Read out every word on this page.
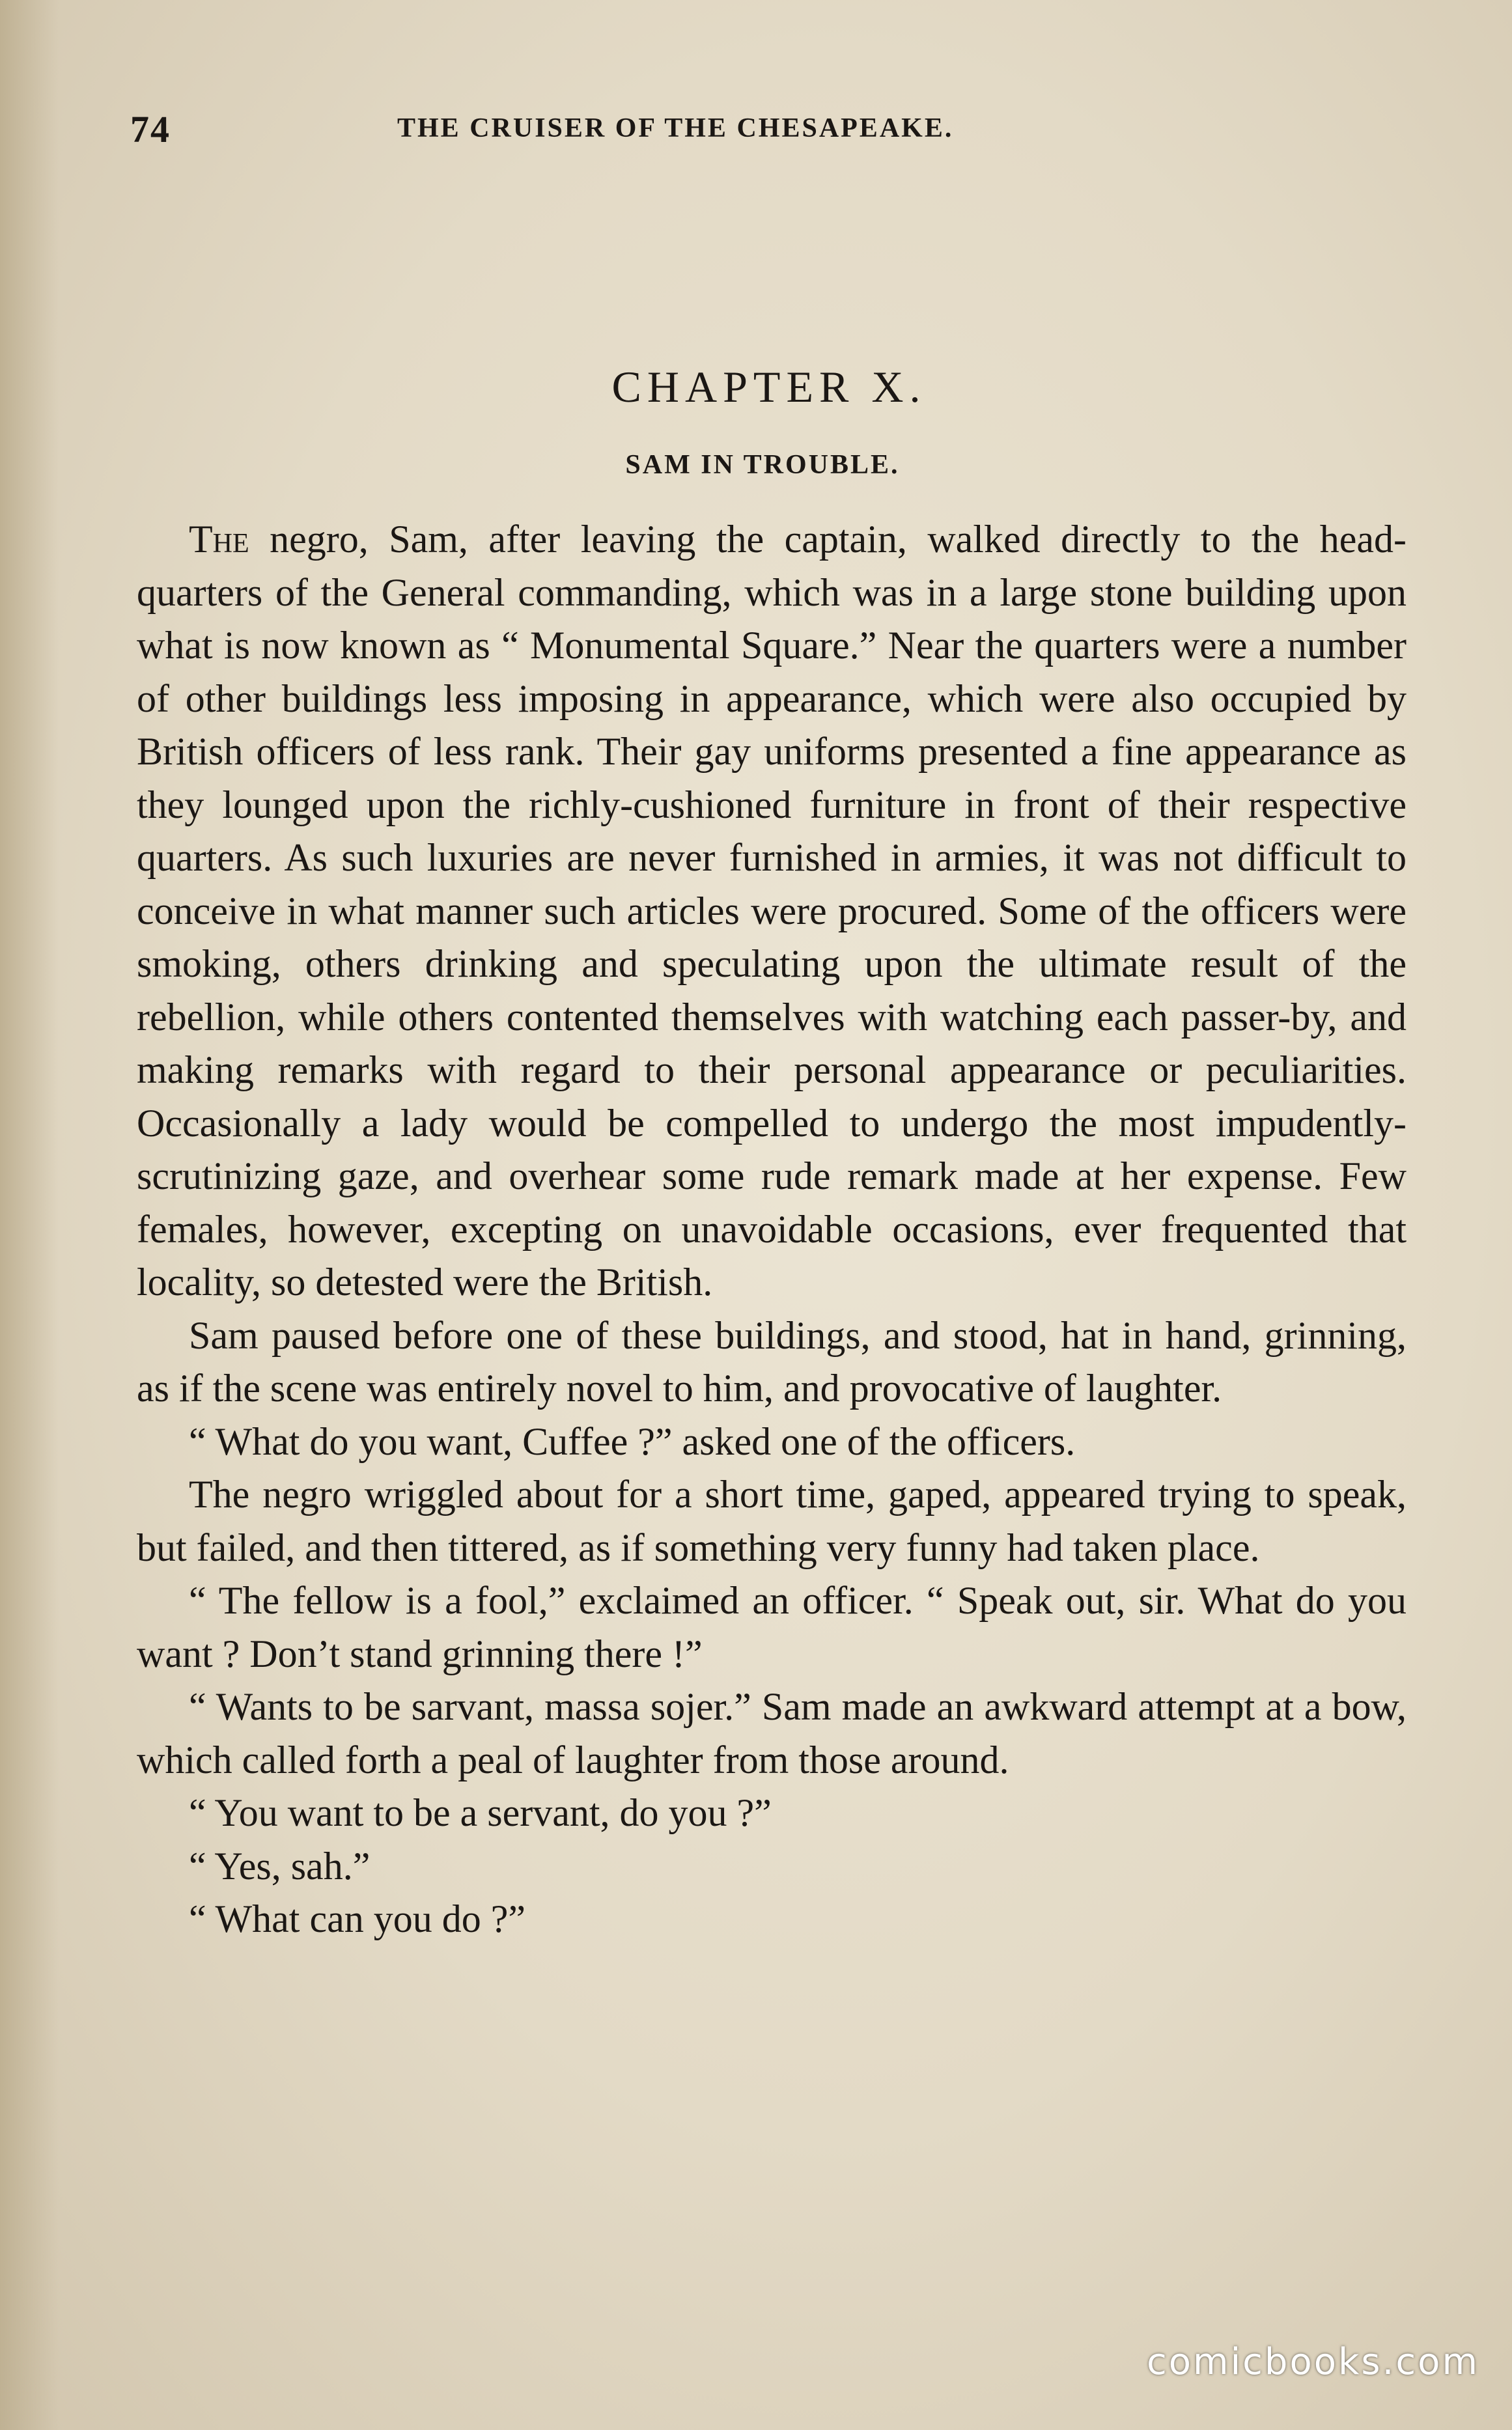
74	THE CRUISER OF THE CHESAPEAKE.
CHAPTER X.
SAM IN TROUBLE.

The negro, Sam, after leaving the captain, walked directly to the head-quarters of the General commanding, which was in a large stone building upon what is now known as “ Monumental Square.” Near the quarters were a number of other buildings less imposing in appearance, which were also occupied by British officers of less rank. Their gay uniforms presented a fine appearance as they lounged upon the richly-cushioned furniture in front of their respective quarters. As such luxuries are never furnished in armies, it was not difficult to conceive in what manner such articles were procured. Some of the officers were smoking, others drinking and speculating upon the ultimate result of the rebellion, while others contented themselves with watching each passer-by, and making remarks with regard to their personal appearance or peculiarities. Occasionally a lady would be compelled to undergo the most impudently-scrutinizing gaze, and overhear some rude remark made at her expense. Few females, however, excepting on unavoidable occasions, ever frequented that locality, so detested were the British.

Sam paused before one of these buildings, and stood, hat in hand, grinning, as if the scene was entirely novel to him, and provocative of laughter.

“ What do you want, Cuffee ?” asked one of the officers.

The negro wriggled about for a short time, gaped, appeared trying to speak, but failed, and then tittered, as if something very funny had taken place.

“ The fellow is a fool,” exclaimed an officer. “ Speak out, sir. What do you want ? Don’t stand grinning there !”

“ Wants to be sarvant, massa sojer.” Sam made an awkward attempt at a bow, which called forth a peal of laughter from those around.

“ You want to be a servant, do you ?”

“ Yes, sah.”

“ What can you do ?”

comicbooks.com
